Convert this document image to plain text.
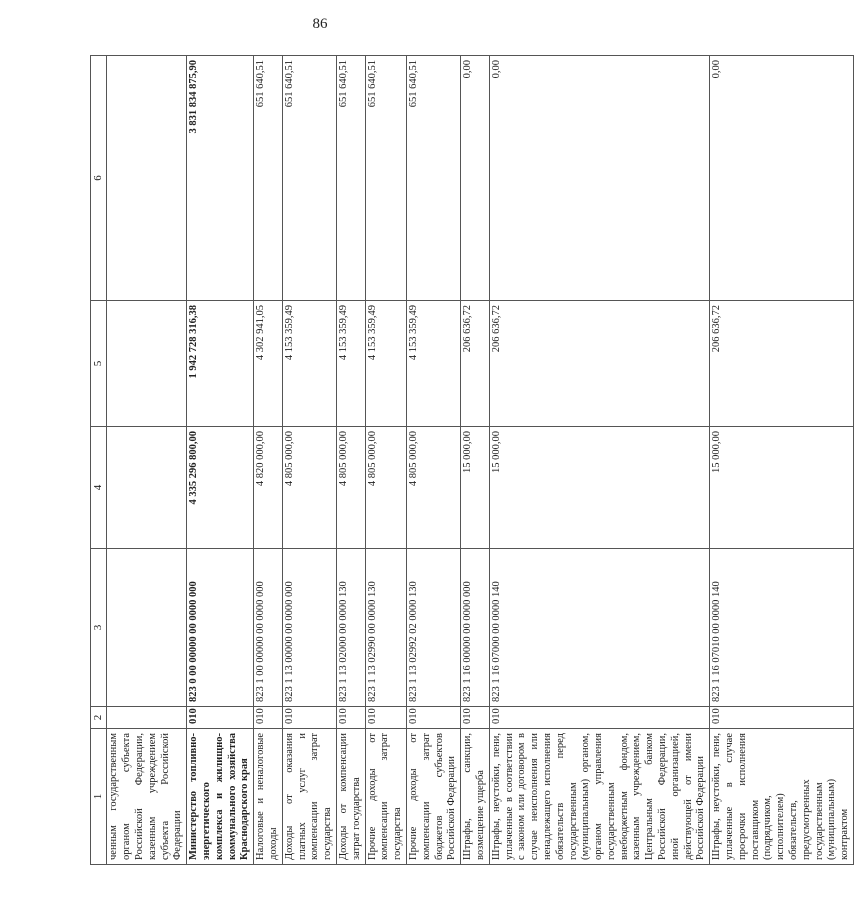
86
1	2	3	4	5	6
ченным государственным органом субъекта Российской Федерации, казенным учреждением субъекта Российской Федерации					
Министерство топливно-энергетического комплекса и жилищно-коммунального хозяйства Краснодарского края	010	823 0 00 00000 00 0000 000	4 335 296 800,00	1 942 728 316,38	3 831 834 875,90
Налоговые и неналоговые доходы	010	823 1 00 00000 00 0000 000	4 820 000,00	4 302 941,05	651 640,51
Доходы от оказания платных услуг и компенсации затрат государства	010	823 1 13 00000 00 0000 000	4 805 000,00	4 153 359,49	651 640,51
Доходы от компенсации затрат государства	010	823 1 13 02000 00 0000 130	4 805 000,00	4 153 359,49	651 640,51
Прочие доходы от компенсации затрат государства	010	823 1 13 02990 00 0000 130	4 805 000,00	4 153 359,49	651 640,51
Прочие доходы от компенсации затрат бюджетов субъектов Российской Федерации	010	823 1 13 02992 02 0000 130	4 805 000,00	4 153 359,49	651 640,51
Штрафы, санкции, возмещение ущерба	010	823 1 16 00000 00 0000 000	15 000,00	206 636,72	0,00
Штрафы, неустойки, пени, уплаченные в соответствии с законом или договором в случае неисполнения или ненадлежащего исполнения обязательств перед государственным (муниципальным) органом, органом управления государственным внебюджетным фондом, казенным учреждением, Центральным банком Российской Федерации, иной организацией, действующей от имени Российской Федерации	010	823 1 16 07000 00 0000 140	15 000,00	206 636,72	0,00
Штрафы, неустойки, пени, уплаченные в случае просрочки исполнения поставщиком (подрядчиком, исполнителем) обязательств, предусмотренных государственным (муниципальным) контрактом	010	823 1 16 07010 00 0000 140	15 000,00	206 636,72	0,00
